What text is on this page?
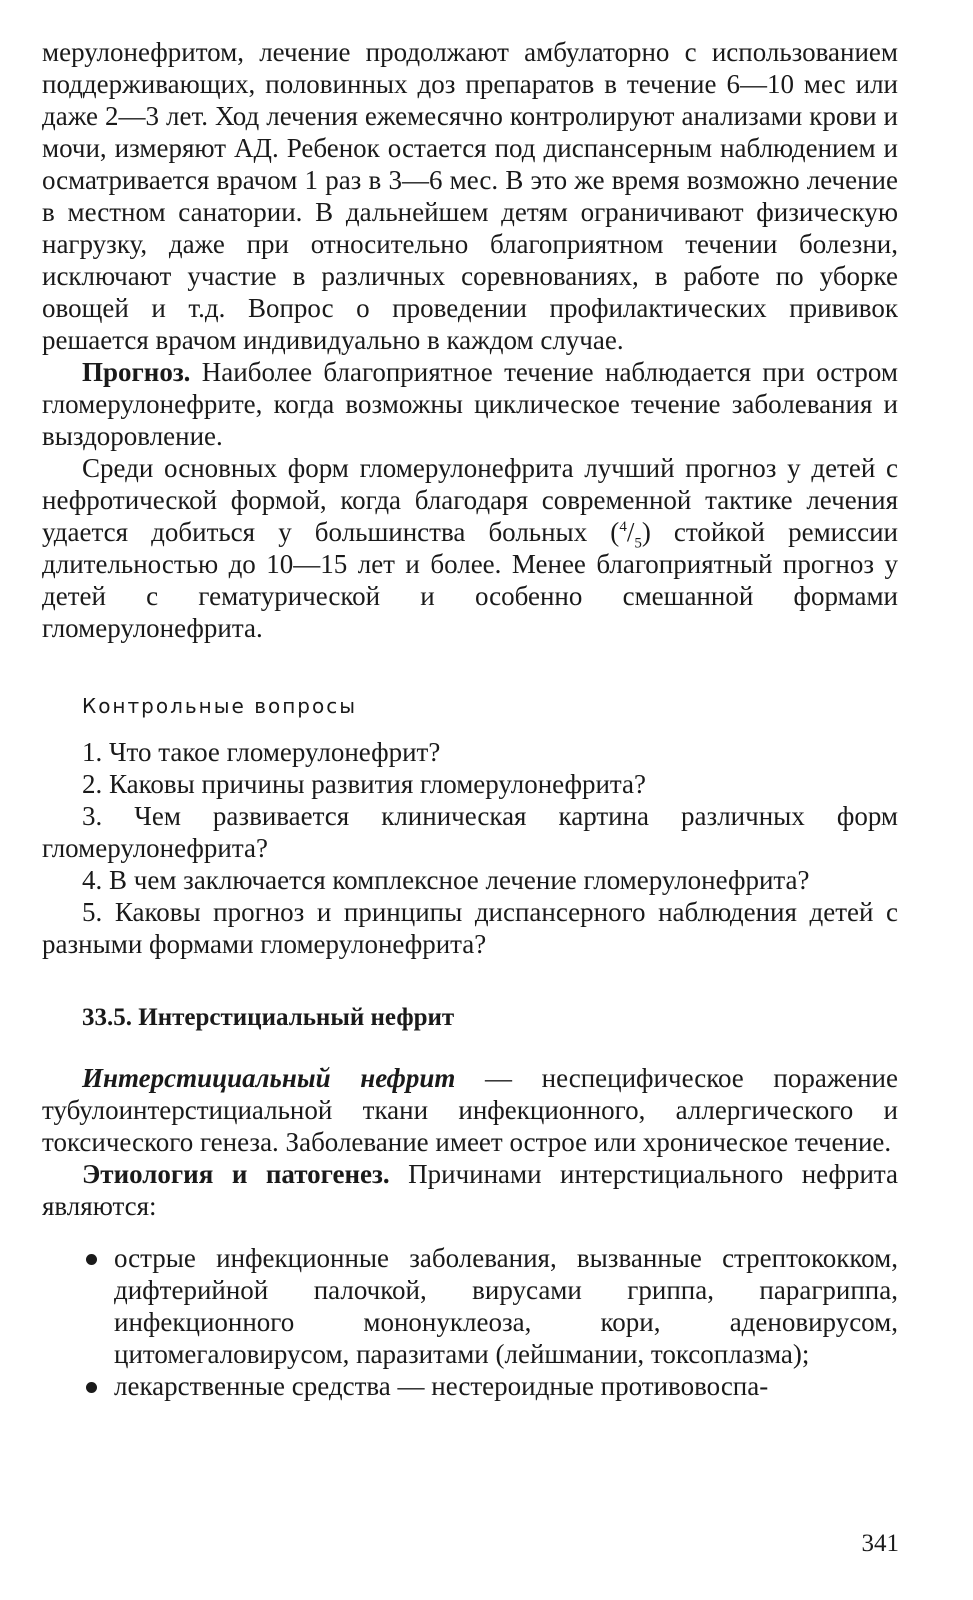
мерулонефритом, лечение продолжают амбулаторно с использованием поддерживающих, половинных доз препаратов в течение 6—10 мес или даже 2—3 лет. Ход лечения ежемесячно контролируют анализами крови и мочи, измеряют АД. Ребенок остается под диспансерным наблюдением и осматривается врачом 1 раз в 3—6 мес. В это же время возможно лечение в местном санатории. В дальнейшем детям ограничивают физическую нагрузку, даже при относительно благоприятном течении болезни, исключают участие в различных соревнованиях, в работе по уборке овощей и т.д. Вопрос о проведении профилактических прививок решается врачом индивидуально в каждом случае.

Прогноз. Наиболее благоприятное течение наблюдается при остром гломерулонефрите, когда возможны циклическое течение заболевания и выздоровление.

Среди основных форм гломерулонефрита лучший прогноз у детей с нефротической формой, когда благодаря современной тактике лечения удается добиться у большинства больных $(^4/_5)$ стойкой ремиссии длительностью до 10—15 лет и более. Менее благоприятный прогноз у детей с гематурической и особенно смешанной формами гломерулонефрита.

Контрольные вопросы
1. Что такое гломерулонефрит?
2. Каковы причины развития гломерулонефрита?
3. Чем развивается клиническая картина различных форм гломерулонефрита?
4. В чем заключается комплексное лечение гломерулонефрита?
5. Каковы прогноз и принципы диспансерного наблюдения детей с разными формами гломерулонефрита?
33.5. Интерстициальный нефрит

Интерстициальный нефрит — неспецифическое поражение тубулоинтерстициальной ткани инфекционного, аллергического и токсического генеза. Заболевание имеет острое или хроническое течение.

Этиология и патогенез. Причинами интерстициального нефрита являются:

острые инфекционные заболевания, вызванные стрептококком, дифтерийной палочкой, вирусами гриппа, парагриппа, инфекционного мононуклеоза, кори, аденовирусом, цитомегаловирусом, паразитами (лейшмании, токсоплазма);
лекарственные средства — нестероидные противовоспа-
341
